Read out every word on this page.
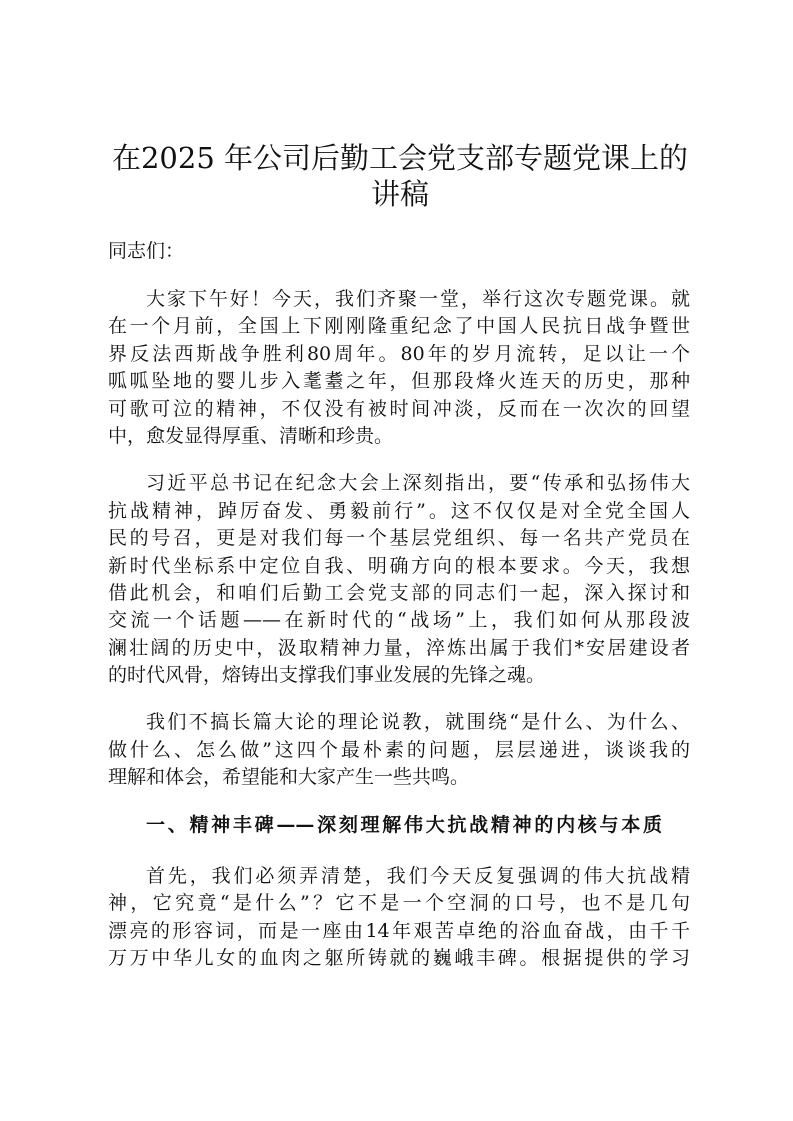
在2025 年公司后勤工会党支部专题党课上的
讲稿
同志们：
大家下午好！今天，我们齐聚一堂，举行这次专题党课。就
在一个月前，全国上下刚刚隆重纪念了中国人民抗日战争暨世
界反法西斯战争胜利80周年。80年的岁月流转，足以让一个
呱呱坠地的婴儿步入耄耋之年，但那段烽火连天的历史，那种
可歌可泣的精神，不仅没有被时间冲淡，反而在一次次的回望
中，愈发显得厚重、清晰和珍贵。
习近平总书记在纪念大会上深刻指出，要“传承和弘扬伟大
抗战精神，踔厉奋发、勇毅前行”。这不仅仅是对全党全国人
民的号召，更是对我们每一个基层党组织、每一名共产党员在
新时代坐标系中定位自我、明确方向的根本要求。今天，我想
借此机会，和咱们后勤工会党支部的同志们一起，深入探讨和
交流一个话题——在新时代的“战场”上，我们如何从那段波
澜壮阔的历史中，汲取精神力量，淬炼出属于我们*安居建设者
的时代风骨，熔铸出支撑我们事业发展的先锋之魂。
我们不搞长篇大论的理论说教，就围绕“是什么、为什么、
做什么、怎么做”这四个最朴素的问题，层层递进，谈谈我的
理解和体会，希望能和大家产生一些共鸣。
一、精神丰碑——深刻理解伟大抗战精神的内核与本质
首先，我们必须弄清楚，我们今天反复强调的伟大抗战精
神，它究竟“是什么”？它不是一个空洞的口号，也不是几句
漂亮的形容词，而是一座由14年艰苦卓绝的浴血奋战，由千千
万万中华儿女的血肉之躯所铸就的巍峨丰碑。根据提供的学习
